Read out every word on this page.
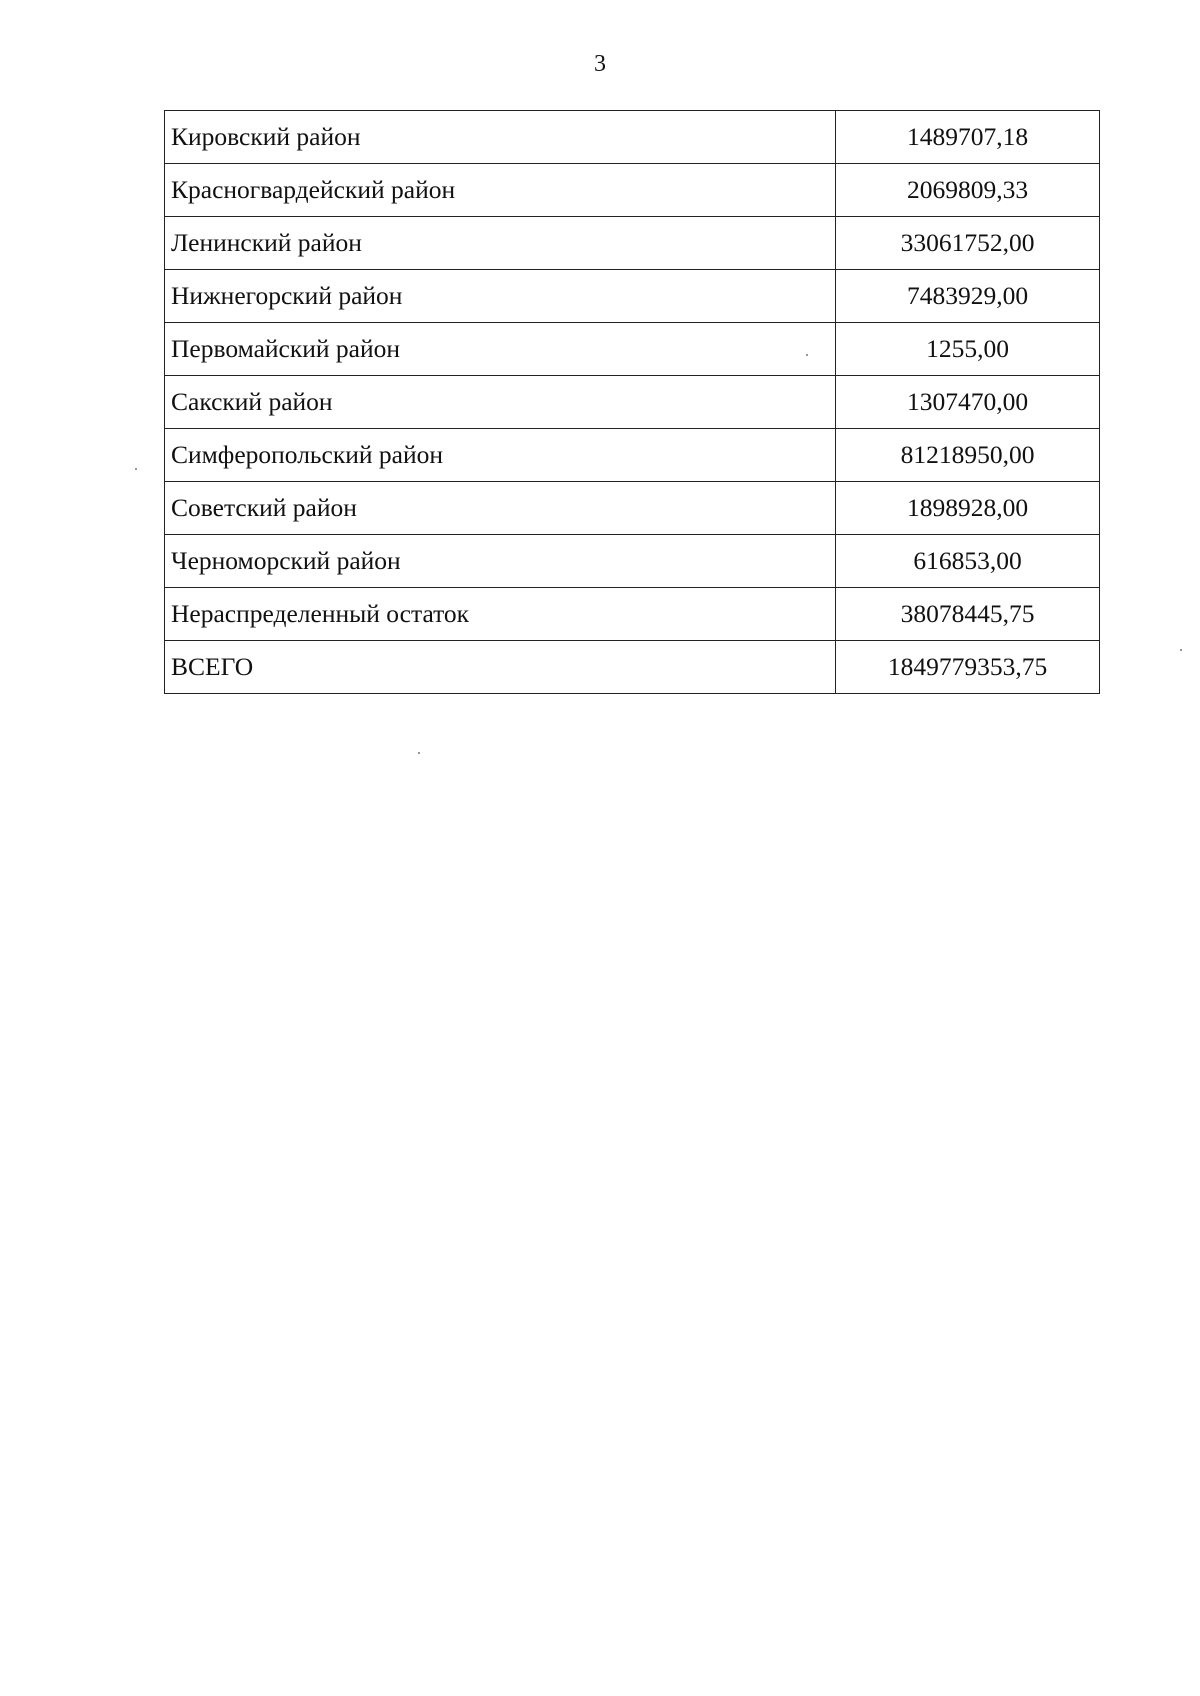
3
Кировский район	1489707,18
Красногвардейский район	2069809,33
Ленинский район	33061752,00
Нижнегорский район	7483929,00
Первомайский район	1255,00
Сакский район	1307470,00
Симферопольский район	81218950,00
Советский район	1898928,00
Черноморский район	616853,00
Нераспределенный остаток	38078445,75
ВСЕГО	1849779353,75
